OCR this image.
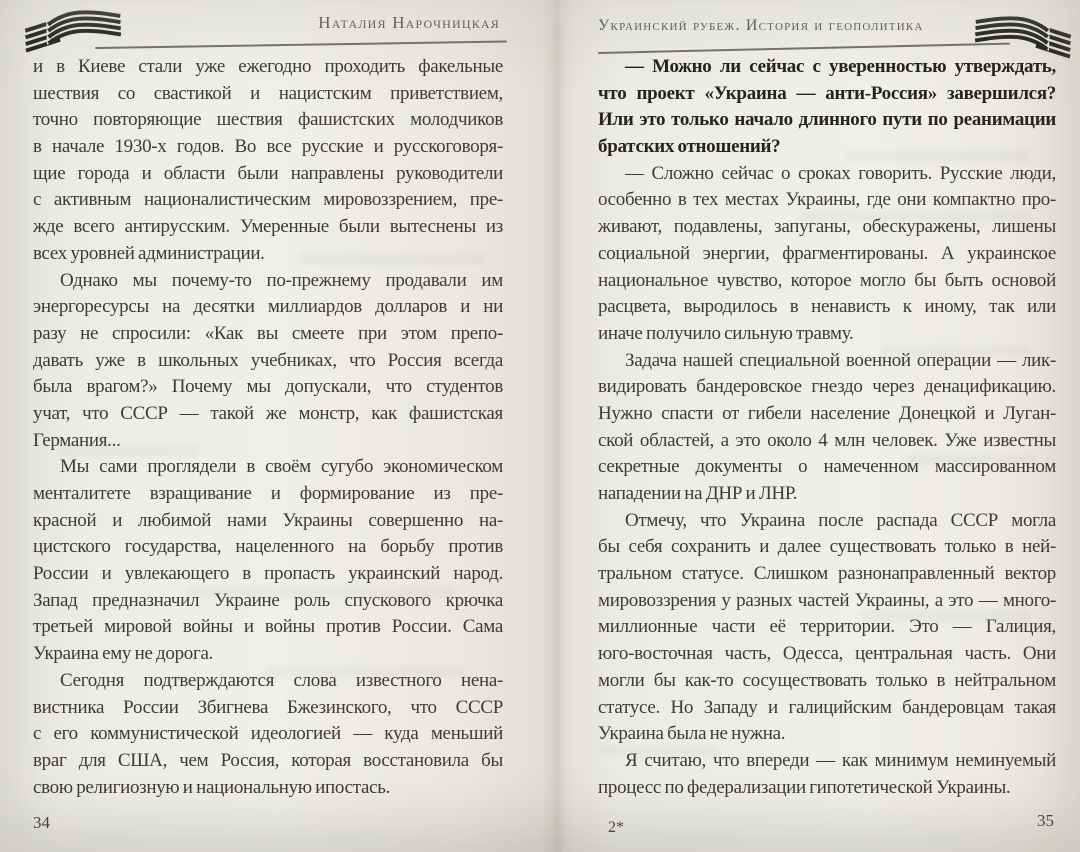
Наталия Нарочницкая
и в Киеве стали уже ежегодно проходить факельные
шествия со свастикой и нацистским приветствием,
точно повторяющие шествия фашистских молодчиков
в начале 1930-х годов. Во все русские и русскоговоря-
щие города и области были направлены руководители
с активным националистическим мировоззрением, пре-
жде всего антирусским. Умеренные были вытеснены из
всех уровней администрации.
Однако мы почему-то по-прежнему продавали им
энергоресурсы на десятки миллиардов долларов и ни
разу не спросили: «Как вы смеете при этом препо-
давать уже в школьных учебниках, что Россия всегда
была врагом?» Почему мы допускали, что студентов
учат, что СССР — такой же монстр, как фашистская
Германия...
Мы сами проглядели в своём сугубо экономическом
менталитете взращивание и формирование из пре-
красной и любимой нами Украины совершенно на-
цистского государства, нацеленного на борьбу против
России и увлекающего в пропасть украинский народ.
Запад предназначил Украине роль спускового крючка
третьей мировой войны и войны против России. Сама
Украина ему не дорога.
Сегодня подтверждаются слова известного нена-
вистника России Збигнева Бжезинского, что СССР
с его коммунистической идеологией — куда меньший
враг для США, чем Россия, которая восстановила бы
свою религиозную и национальную ипостась.
34
Украинский рубеж. История и геополитика
— Можно ли сейчас с уверенностью утверждать,
что проект «Украина — анти-Россия» завершился?
Или это только начало длинного пути по реанимации
братских отношений?
— Сложно сейчас о сроках говорить. Русские люди,
особенно в тех местах Украины, где они компактно про-
живают, подавлены, запуганы, обескуражены, лишены
социальной энергии, фрагментированы. А украинское
национальное чувство, которое могло бы быть основой
расцвета, выродилось в ненависть к иному, так или
иначе получило сильную травму.
Задача нашей специальной военной операции — лик-
видировать бандеровское гнездо через денацификацию.
Нужно спасти от гибели население Донецкой и Луган-
ской областей, а это около 4 млн человек. Уже известны
секретные документы о намеченном массированном
нападении на ДНР и ЛНР.
Отмечу, что Украина после распада СССР могла
бы себя сохранить и далее существовать только в ней-
тральном статусе. Слишком разнонаправленный вектор
мировоззрения у разных частей Украины, а это — много-
миллионные части её территории. Это — Галиция,
юго-восточная часть, Одесса, центральная часть. Они
могли бы как-то сосуществовать только в нейтральном
статусе. Но Западу и галицийским бандеровцам такая
Украина была не нужна.
Я считаю, что впереди — как минимум неминуемый
процесс по федерализации гипотетической Украины.
2*	35
